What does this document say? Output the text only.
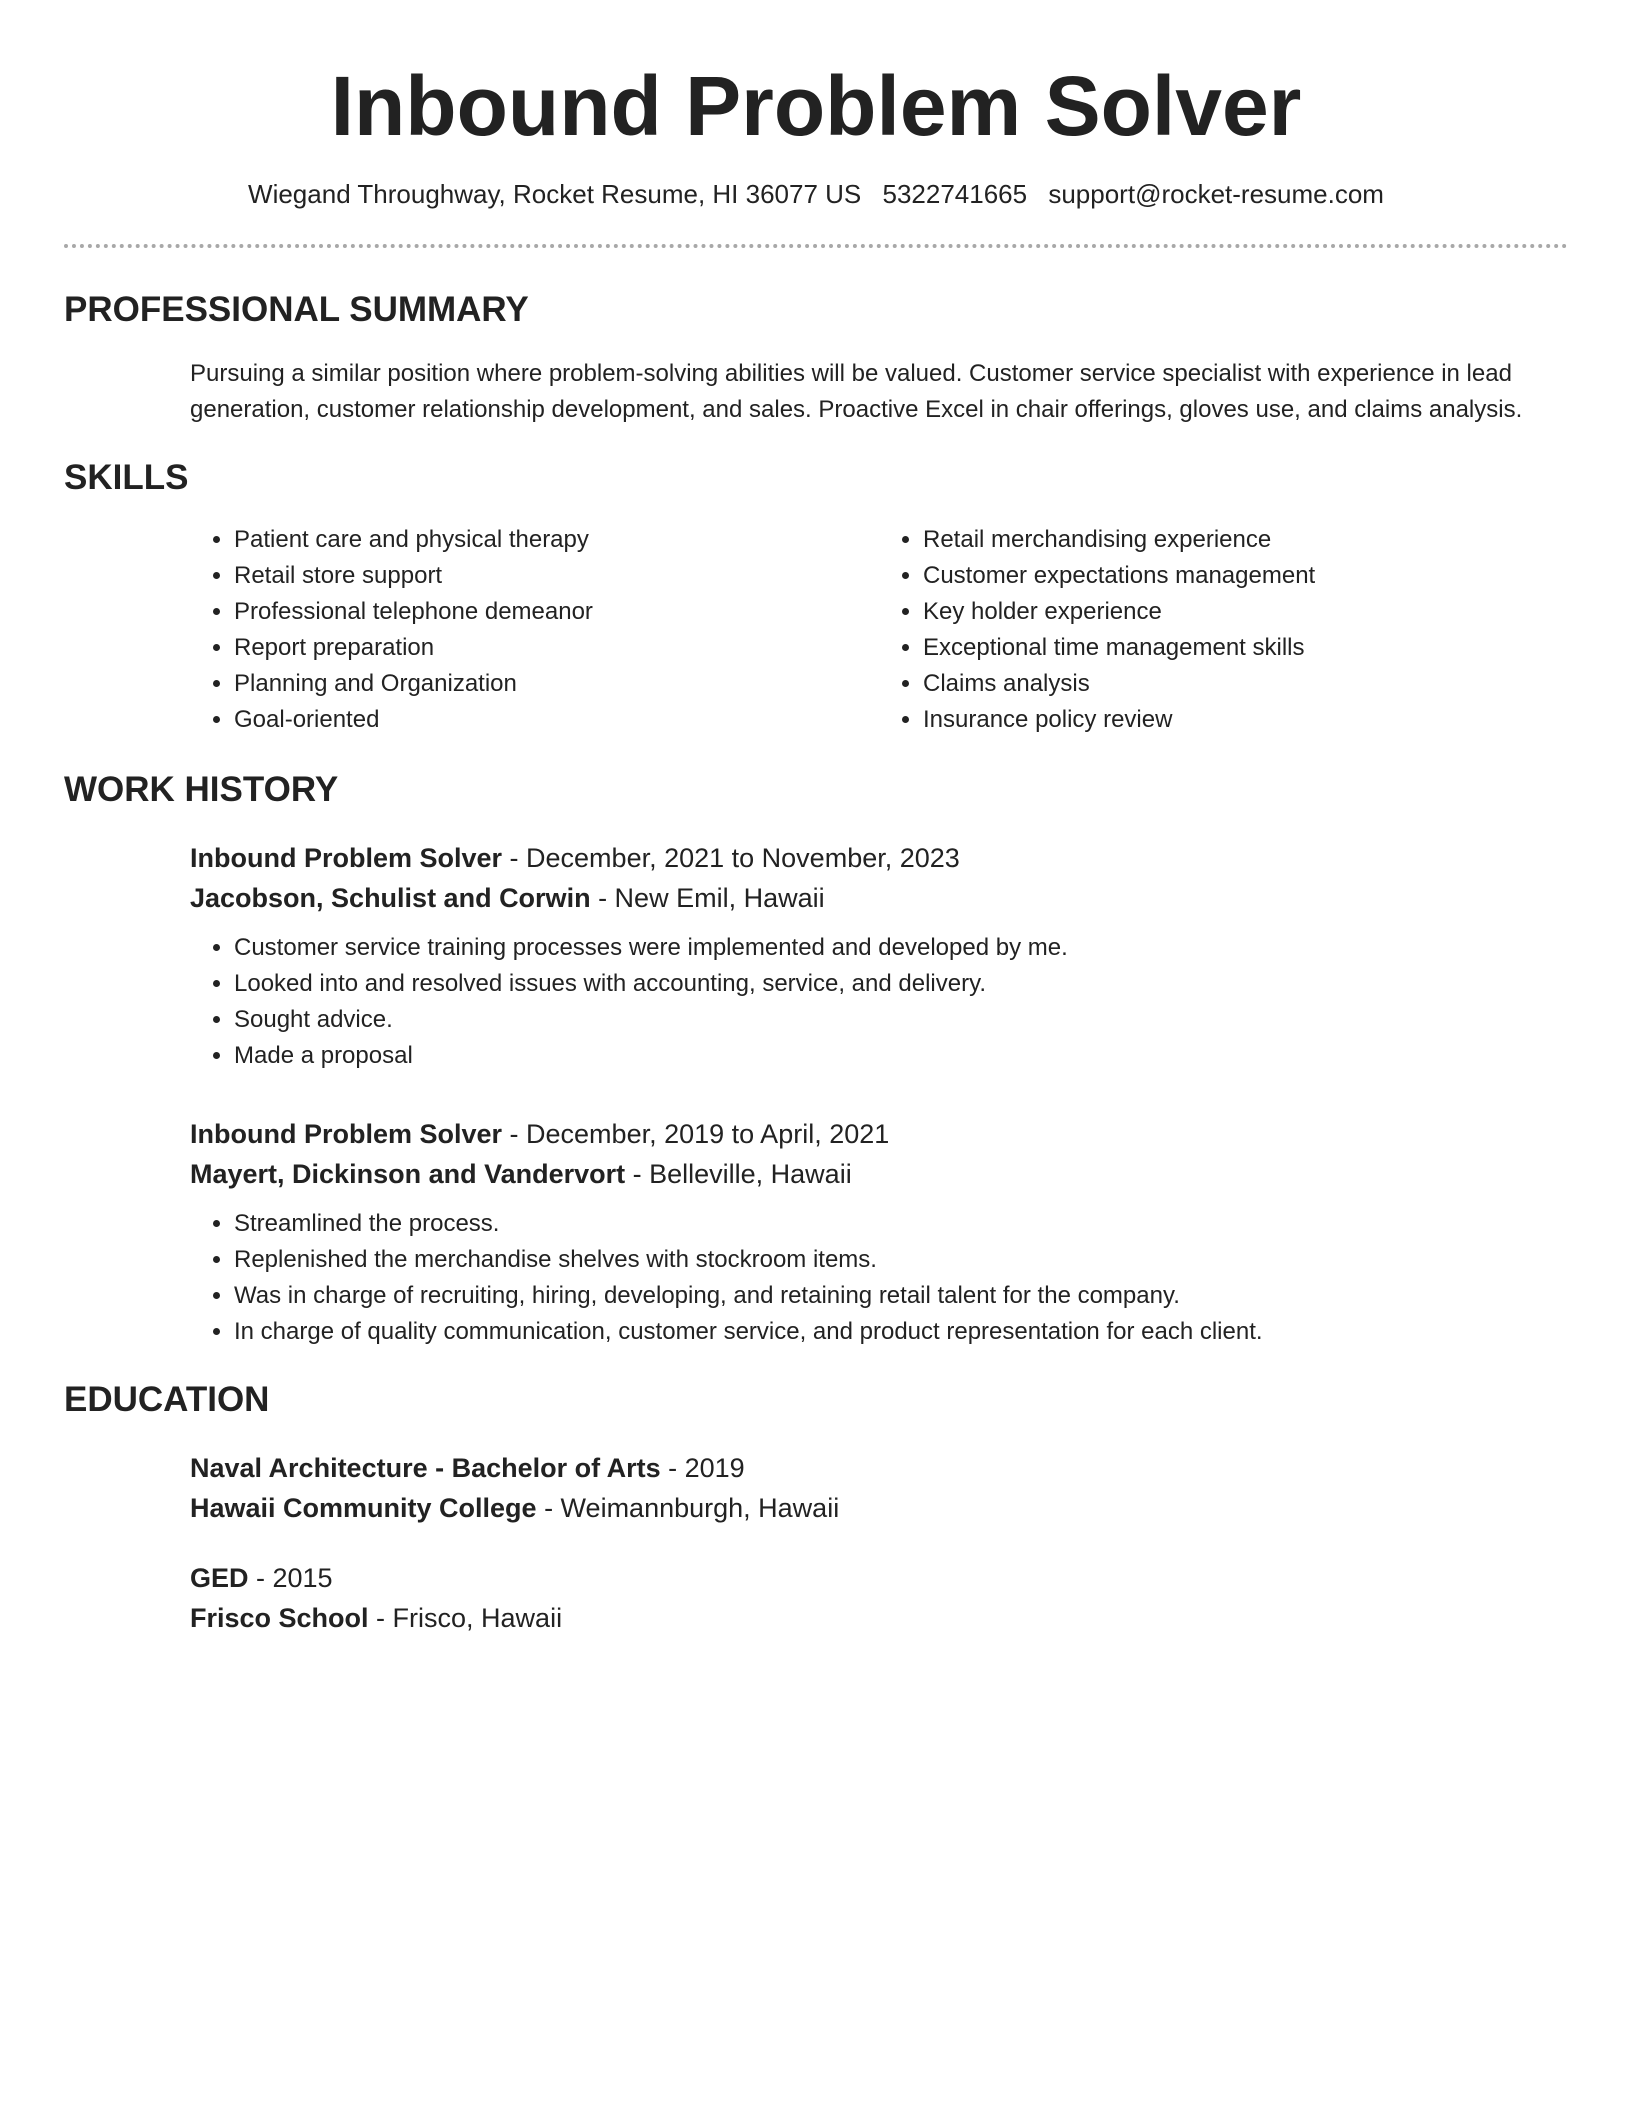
Inbound Problem Solver
Wiegand Throughway, Rocket Resume, HI 36077 US 5322741665 support@rocket-resume.com
PROFESSIONAL SUMMARY

Pursuing a similar position where problem-solving abilities will be valued. Customer service specialist with experience in lead generation, customer relationship development, and sales. Proactive Excel in chair offerings, gloves use, and claims analysis.

SKILLS
• Patient care and physical therapy
• Retail store support
• Professional telephone demeanor
• Report preparation
• Planning and Organization
• Goal-oriented
• Retail merchandising experience
• Customer expectations management
• Key holder experience
• Exceptional time management skills
• Claims analysis
• Insurance policy review
WORK HISTORY
Inbound Problem Solver - December, 2021 to November, 2023
Jacobson, Schulist and Corwin - New Emil, Hawaii
• Customer service training processes were implemented and developed by me.
• Looked into and resolved issues with accounting, service, and delivery.
• Sought advice.
• Made a proposal
Inbound Problem Solver - December, 2019 to April, 2021
Mayert, Dickinson and Vandervort - Belleville, Hawaii
• Streamlined the process.
• Replenished the merchandise shelves with stockroom items.
• Was in charge of recruiting, hiring, developing, and retaining retail talent for the company.
• In charge of quality communication, customer service, and product representation for each client.
EDUCATION
Naval Architecture - Bachelor of Arts - 2019
Hawaii Community College - Weimannburgh, Hawaii
GED - 2015
Frisco School - Frisco, Hawaii
